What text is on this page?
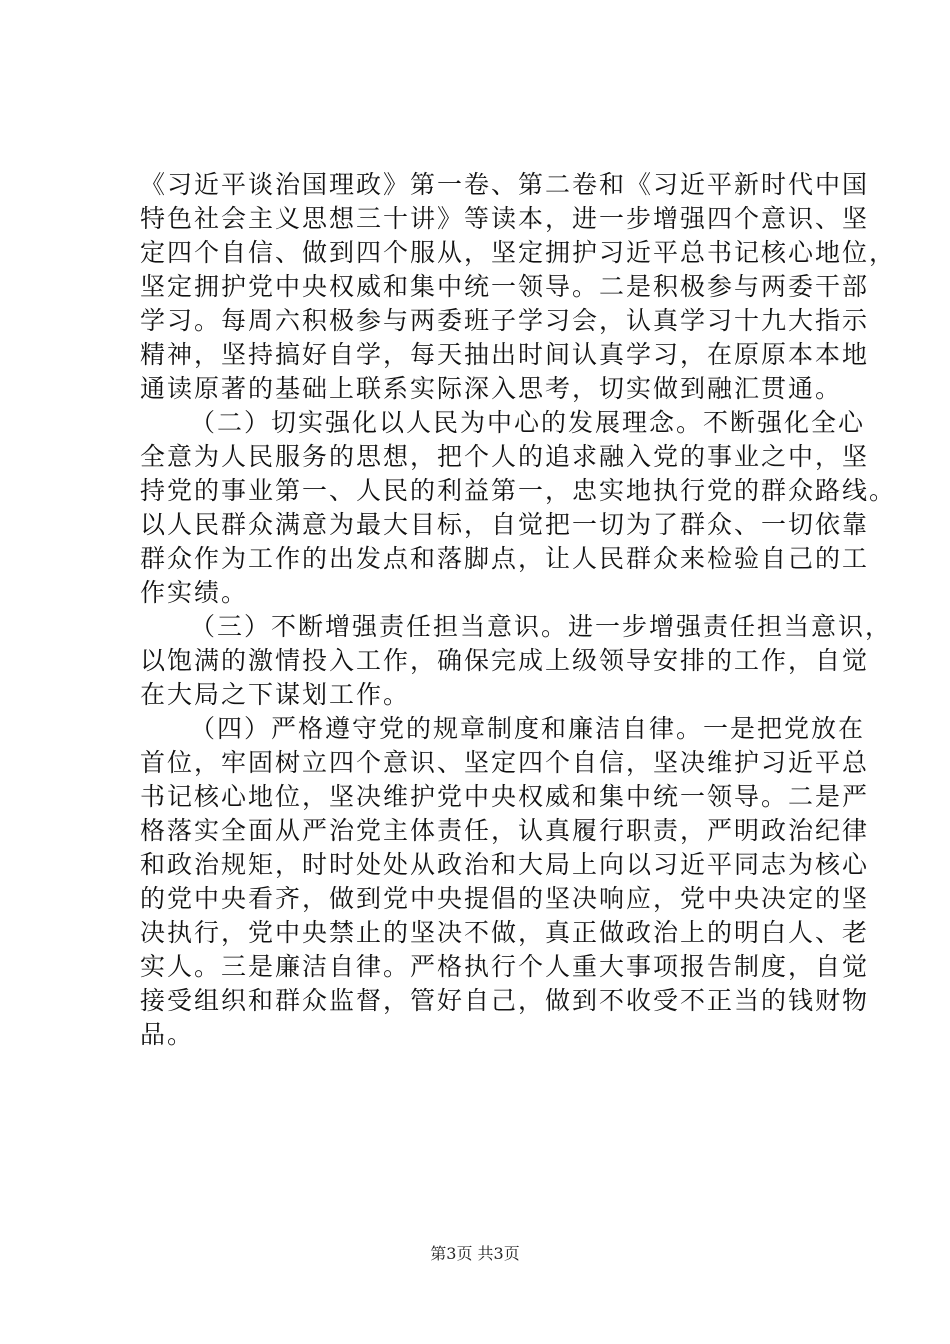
《习近平谈治国理政》第一卷、第二卷和《习近平新时代中国
特色社会主义思想三十讲》等读本，进一步增强四个意识、坚
定四个自信、做到四个服从，坚定拥护习近平总书记核心地位，
坚定拥护党中央权威和集中统一领导。二是积极参与两委干部
学习。每周六积极参与两委班子学习会，认真学习十九大指示
精神，坚持搞好自学，每天抽出时间认真学习，在原原本本地
通读原著的基础上联系实际深入思考，切实做到融汇贯通。
（二）切实强化以人民为中心的发展理念。不断强化全心
全意为人民服务的思想，把个人的追求融入党的事业之中，坚
持党的事业第一、人民的利益第一，忠实地执行党的群众路线。
以人民群众满意为最大目标，自觉把一切为了群众、一切依靠
群众作为工作的出发点和落脚点，让人民群众来检验自己的工
作实绩。
（三）不断增强责任担当意识。进一步增强责任担当意识，
以饱满的激情投入工作，确保完成上级领导安排的工作，自觉
在大局之下谋划工作。
（四）严格遵守党的规章制度和廉洁自律。一是把党放在
首位，牢固树立四个意识、坚定四个自信，坚决维护习近平总
书记核心地位，坚决维护党中央权威和集中统一领导。二是严
格落实全面从严治党主体责任，认真履行职责，严明政治纪律
和政治规矩，时时处处从政治和大局上向以习近平同志为核心
的党中央看齐，做到党中央提倡的坚决响应，党中央决定的坚
决执行，党中央禁止的坚决不做，真正做政治上的明白人、老
实人。三是廉洁自律。严格执行个人重大事项报告制度，自觉
接受组织和群众监督，管好自己，做到不收受不正当的钱财物
品。
第3页 共3页
